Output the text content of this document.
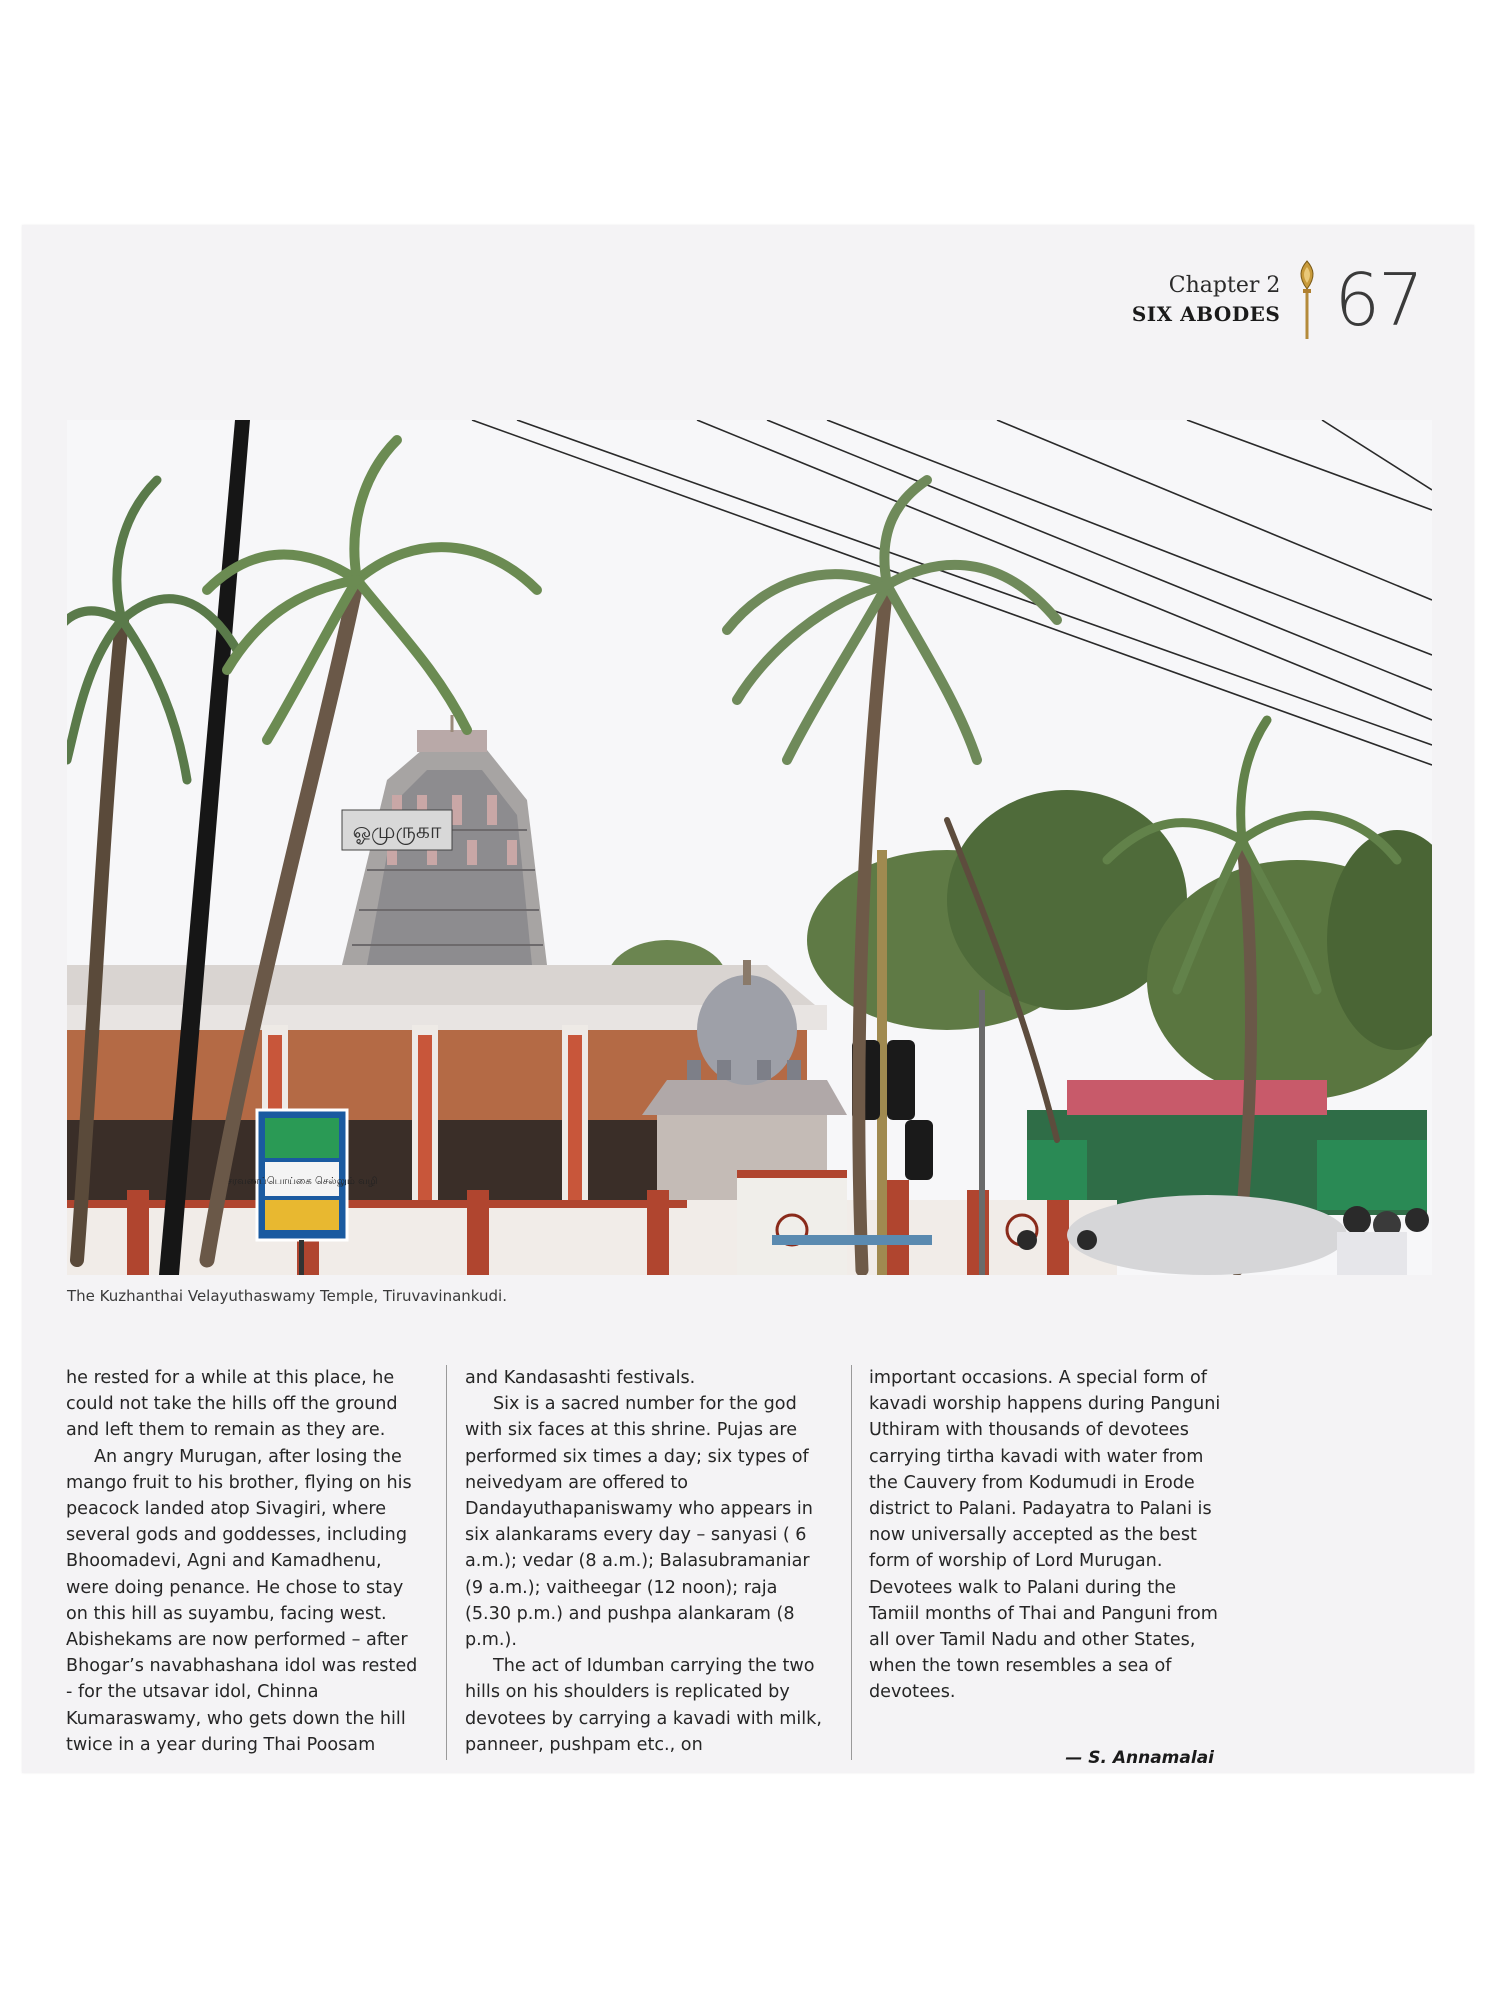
Chapter 2
SIX ABODES 67
ஓமுருகா
சரவணப்பொய்கை செல்லும் வழி
The Kuzhanthai Velayuthaswamy Temple, Tiruvavinankudi.

he rested for a while at this place, he could not take the hills off the ground and left them to remain as they are.

An angry Murugan, after losing the mango fruit to his brother, flying on his peacock landed atop Sivagiri, where several gods and goddesses, including Bhoomadevi, Agni and Kamadhenu, were doing penance. He chose to stay on this hill as suyambu, facing west. Abishekams are now performed – after Bhogar’s navabhashana idol was rested - for the utsavar idol, Chinna Kumaraswamy, who gets down the hill twice in a year during Thai Poosam

and Kandasashti festivals.

Six is a sacred number for the god with six faces at this shrine. Pujas are performed six times a day; six types of neivedyam are offered to Dandayuthapaniswamy who appears in six alankarams every day – sanyasi ( 6 a.m.); vedar (8 a.m.); Balasubramaniar (9 a.m.); vaitheegar (12 noon); raja (5.30 p.m.) and pushpa alankaram (8 p.m.).

The act of Idumban carrying the two hills on his shoulders is replicated by devotees by carrying a kavadi with milk, panneer, pushpam etc., on

important occasions. A special form of kavadi worship happens during Panguni Uthiram with thousands of devotees carrying tirtha kavadi with water from the Cauvery from Kodumudi in Erode district to Palani. Padayatra to Palani is now universally accepted as the best form of worship of Lord Murugan. Devotees walk to Palani during the Tamiil months of Thai and Panguni from all over Tamil Nadu and other States, when the town resembles a sea of devotees.

— S. Annamalai
